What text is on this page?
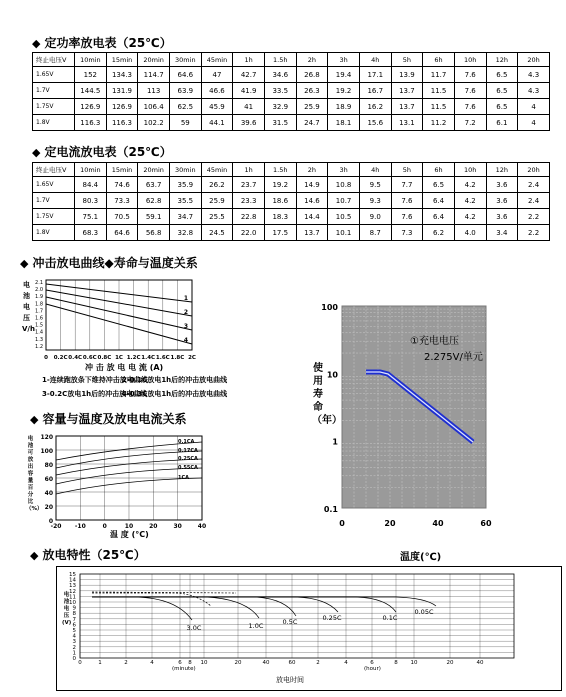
◆ 定功率放电表（25℃）
终止电压V	10min	15min	20min	30min	45min	1h	1.5h	2h	3h	4h	5h	6h	10h	12h	20h
1.65V	152	134.3	114.7	64.6	47	42.7	34.6	26.8	19.4	17.1	13.9	11.7	7.6	6.5	4.3
1.7V	144.5	131.9	113	63.9	46.6	41.9	33.5	26.3	19.2	16.7	13.7	11.5	7.6	6.5	4.3
1.75V	126.9	126.9	106.4	62.5	45.9	41	32.9	25.9	18.9	16.2	13.7	11.5	7.6	6.5	4
1.8V	116.3	116.3	102.2	59	44.1	39.6	31.5	24.7	18.1	15.6	13.1	11.2	7.2	6.1	4
◆ 定电流放电表（25℃）
终止电压V	10min	15min	20min	30min	45min	1h	1.5h	2h	3h	4h	5h	6h	10h	12h	20h
1.65V	84.4	74.6	63.7	35.9	26.2	23.7	19.2	14.9	10.8	9.5	7.7	6.5	4.2	3.6	2.4
1.7V	80.3	73.3	62.8	35.5	25.9	23.3	18.6	14.6	10.7	9.3	7.6	6.4	4.2	3.6	2.4
1.75V	75.1	70.5	59.1	34.7	25.5	22.8	18.3	14.4	10.5	9.0	7.6	6.4	4.2	3.6	2.2
1.8V	68.3	64.6	56.8	32.8	24.5	22.0	17.5	13.7	10.1	8.7	7.3	6.2	4.0	3.4	2.2
◆ 冲击放电曲线◆寿命与温度关系
电池电压V/h
2.1
2.0
1.9
1.8
1.7
1.6
1.5
1.4
1.3
1.2
1
2
3
4
0 0.2C 0.4C 0.6C 0.8C 1C 1.2C 1.4C 1.6C 1.8C 2C
冲 击 放 电 电 流 (A)
1-连续跑放条下维持冲击放电曲线
2-0.1C放电1h后的冲击放电曲线
3-0.2C放电1h后的冲击放电曲线
4-0.3C放电1h后的冲击放电曲线
◆ 容量与温度及放电电流关系
电池可放出容量百分比（%）
120
100
80
60
40
20
0
0.1CA
0.17CA
0.25CA
0.55CA
1CA
-20 -10	0	10	20	30	40
温 度 (°C)
100
10
1
0.1
0	20	40	60
①充电电压
2.275V/单元
使用寿命（年）
温度(℃)
◆ 放电特性（25℃）
15
14
13
12
11
10
9
8
7
6
5
4
3
2
1
0
3.0C	1.0C	0.5C	0.25C	0.1C
0.05C
0	1	2	4	6 8 10	20	40	60	2	4	6	8 10	20	40
(minute)	(hour)
放电时间
电池电压(V)
